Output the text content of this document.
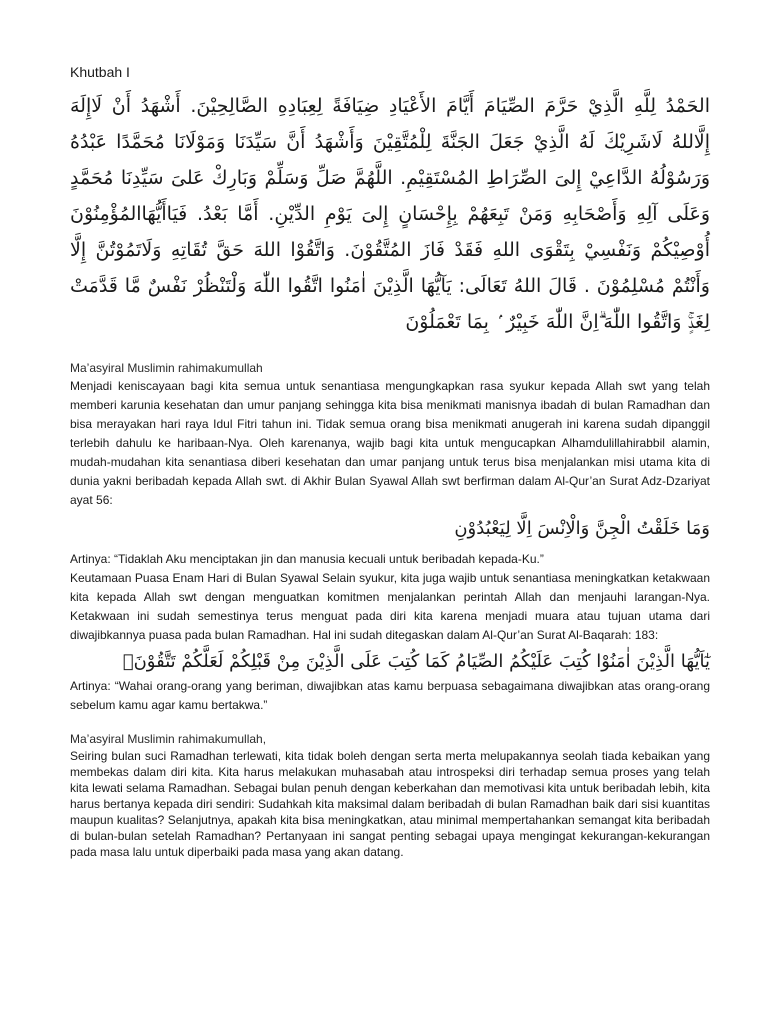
Khutbah I

الحَمْدُ لِلَّهِ الَّذِيْ حَرَّمَ الصِّيَامَ أَيَّامَ الأَعْيَادِ ضِيَافَةً لِعِبَادِهِ الصَّالِحِيْنَ. أَشْهَدُ أَنْ لَاإِلَهَ إِلَّاللهُ لَاشَرِيْكَ لَهُ الَّذِيْ جَعَلَ الجَنَّةَ لِلْمُتَّقِيْنَ وَأَشْهَدُ أَنَّ سَيِّدَنَا وَمَوْلَانَا مُحَمَّدًا عَبْدُهُ وَرَسُوْلُهُ الدَّاعِيْ إِلىَ الصِّرَاطِ المُسْتَقِيْمِ. اللَّهُمَّ صَلِّ وَسَلِّمْ وَبَارِكْ عَلىَ سَيِّدِنَا مُحَمَّدٍ وَعَلَى آلِهِ وَأَصْحَابِهِ وَمَنْ تَبِعَهُمْ بِإِحْسَانٍ إِلىَ يَوْمِ الدِّيْنِ. أَمَّا بَعْدُ. فَيَاأَيُّهَاالمُؤْمِنُوْنَ أُوْصِيْكُمْ وَنَفْسِيْ بِتَقْوَى اللهِ فَقَدْ فَازَ المُتَّقُوْنَ. وَاتَّقُوْا اللهَ حَقَّ تُقَاتِهِ وَلَاتَمُوْتُنَّ إِلَّا وَأَنْتُمْ مُسْلِمُوْنَ . قَالَ اللهُ تَعَالَى: يَآيُّهَا الَّذِيْنَ اٰمَنُوا اتَّقُوا اللّٰهَ وَلْتَنْظُرْ نَفْسٌ مَّا قَدَّمَتْ لِغَدٍۚ وَاتَّقُوا اللّٰهَ ۗاِنَّ اللّٰهَ خَبِيْرٌ ۢ بِمَا تَعْمَلُوْنَ

Ma’asyiral Muslimin rahimakumullah

Menjadi keniscayaan bagi kita semua untuk senantiasa mengungkapkan rasa syukur kepada Allah swt yang telah memberi karunia kesehatan dan umur panjang sehingga kita bisa menikmati manisnya ibadah di bulan Ramadhan dan bisa merayakan hari raya Idul Fitri tahun ini. Tidak semua orang bisa menikmati anugerah ini karena sudah dipanggil terlebih dahulu ke haribaan-Nya. Oleh karenanya, wajib bagi kita untuk mengucapkan Alhamdulillahirabbil alamin, mudah-mudahan kita senantiasa diberi kesehatan dan umar panjang untuk terus bisa menjalankan misi utama kita di dunia yakni beribadah kepada Allah swt. di Akhir Bulan Syawal Allah swt berfirman dalam Al-Qur’an Surat Adz-Dzariyat ayat 56:

وَمَا خَلَقْتُ الْجِنَّ وَالْاِنْسَ اِلَّا لِيَعْبُدُوْنِ

Artinya: “Tidaklah Aku menciptakan jin dan manusia kecuali untuk beribadah kepada-Ku.”

Keutamaan Puasa Enam Hari di Bulan Syawal Selain syukur, kita juga wajib untuk senantiasa meningkatkan ketakwaan kita kepada Allah swt dengan menguatkan komitmen menjalankan perintah Allah dan menjauhi larangan-Nya. Ketakwaan ini sudah semestinya terus menguat pada diri kita karena menjadi muara atau tujuan utama dari diwajibkannya puasa pada bulan Ramadhan. Hal ini sudah ditegaskan dalam Al-Qur’an Surat Al-Baqarah: 183:

يٰٓاَيُّهَا الَّذِيْنَ اٰمَنُوْا كُتِبَ عَلَيْكُمُ الصِّيَامُ كَمَا كُتِبَ عَلَى الَّذِيْنَ مِنْ قَبْلِكُمْ لَعَلَّكُمْ تَتَّقُوْنَۙ

Artinya: “Wahai orang-orang yang beriman, diwajibkan atas kamu berpuasa sebagaimana diwajibkan atas orang-orang sebelum kamu agar kamu bertakwa.”

Ma’asyiral Muslimin rahimakumullah,

Seiring bulan suci Ramadhan terlewati, kita tidak boleh dengan serta merta melupakannya seolah tiada kebaikan yang membekas dalam diri kita. Kita harus melakukan muhasabah atau introspeksi diri terhadap semua proses yang telah kita lewati selama Ramadhan. Sebagai bulan penuh dengan keberkahan dan memotivasi kita untuk beribadah lebih, kita harus bertanya kepada diri sendiri: Sudahkah kita maksimal dalam beribadah di bulan Ramadhan baik dari sisi kuantitas maupun kualitas? Selanjutnya, apakah kita bisa meningkatkan, atau minimal mempertahankan semangat kita beribadah di bulan-bulan setelah Ramadhan? Pertanyaan ini sangat penting sebagai upaya mengingat kekurangan-kekurangan pada masa lalu untuk diperbaiki pada masa yang akan datang.
